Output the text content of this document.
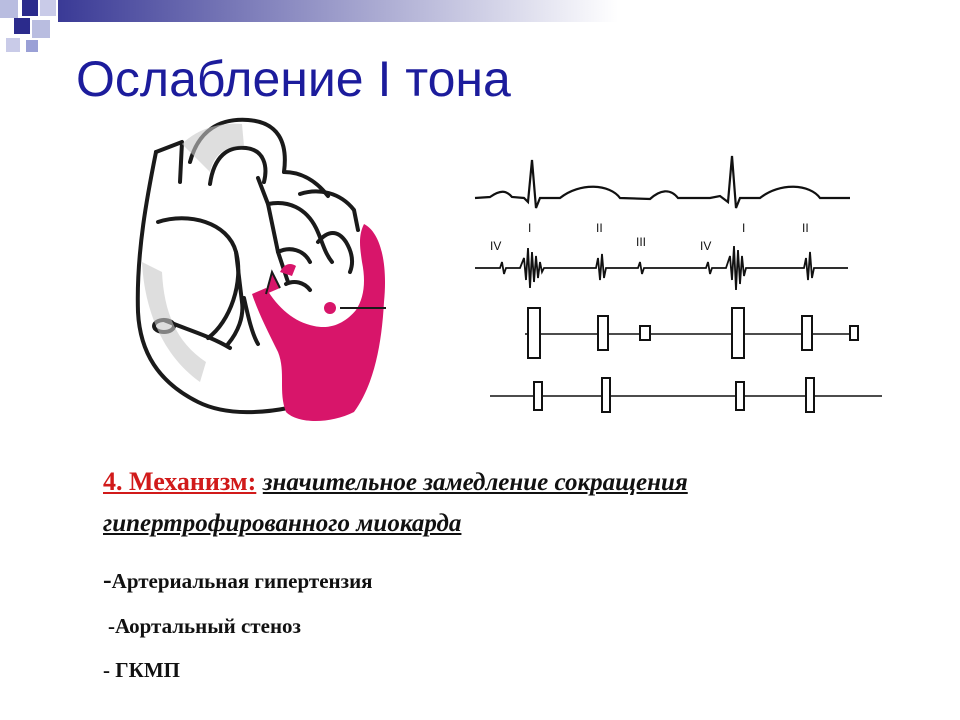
Ослабление I тона
I	II
IV	III	IV
I	II
4. Механизм: значительное замедление сокращения гипертрофированного миокарда
-Артериальная гипертензия
-Аортальный стеноз
- ГКМП
